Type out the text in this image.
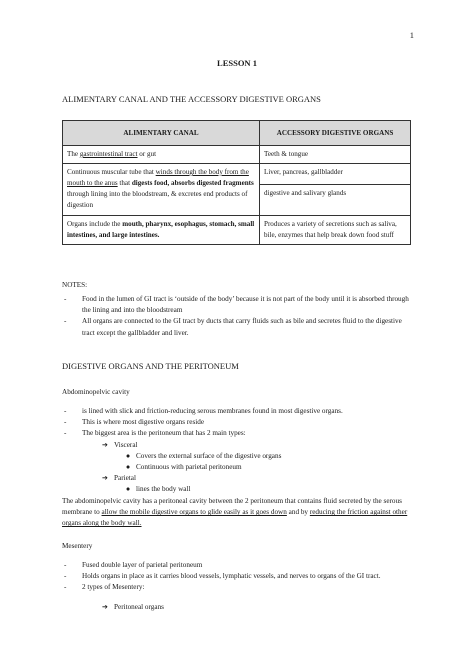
1
LESSON 1
ALIMENTARY CANAL AND THE ACCESSORY DIGESTIVE ORGANS
ALIMENTARY CANAL	ACCESSORY DIGESTIVE ORGANS
The gastrointestinal tract or gut	Teeth & tongue
Continuous muscular tube that winds through the body from the mouth to the anus that digests food, absorbs digested fragments through lining into the bloodstream, & excretes end products of digestion	Liver, pancreas, gallbladder
	digestive and salivary glands
Organs include the mouth, pharynx, esophagus, stomach, small intestines, and large intestines.	Produces a variety of secretions such as saliva, bile, enzymes that help break down food stuff
NOTES:
- Food in the lumen of GI tract is ‘outside of the body’ because it is not part of the body until it is absorbed through the lining and into the bloodstream
- All organs are connected to the GI tract by ducts that carry fluids such as bile and secretes fluid to the digestive tract except the gallbladder and liver.
DIGESTIVE ORGANS AND THE PERITONEUM
Abdominopelvic cavity
- is lined with slick and friction-reducing serous membranes found in most digestive organs.
- This is where most digestive organs reside
- The biggest area is the peritoneum that has 2 main types:
➔ Visceral
● Covers the external surface of the digestive organs
● Continuous with parietal peritoneum
➔ Parietal
● lines the body wall
The abdominopelvic cavity has a peritoneal cavity between the 2 peritoneum that contains fluid secreted by the serous membrane to allow the mobile digestive organs to glide easily as it goes down and by reducing the friction against other organs along the body wall.
Mesentery
- Fused double layer of parietal peritoneum
- Holds organs in place as it carries blood vessels, lymphatic vessels, and nerves to organs of the GI tract.
- 2 types of Mesentery:
➔ Peritoneal organs
